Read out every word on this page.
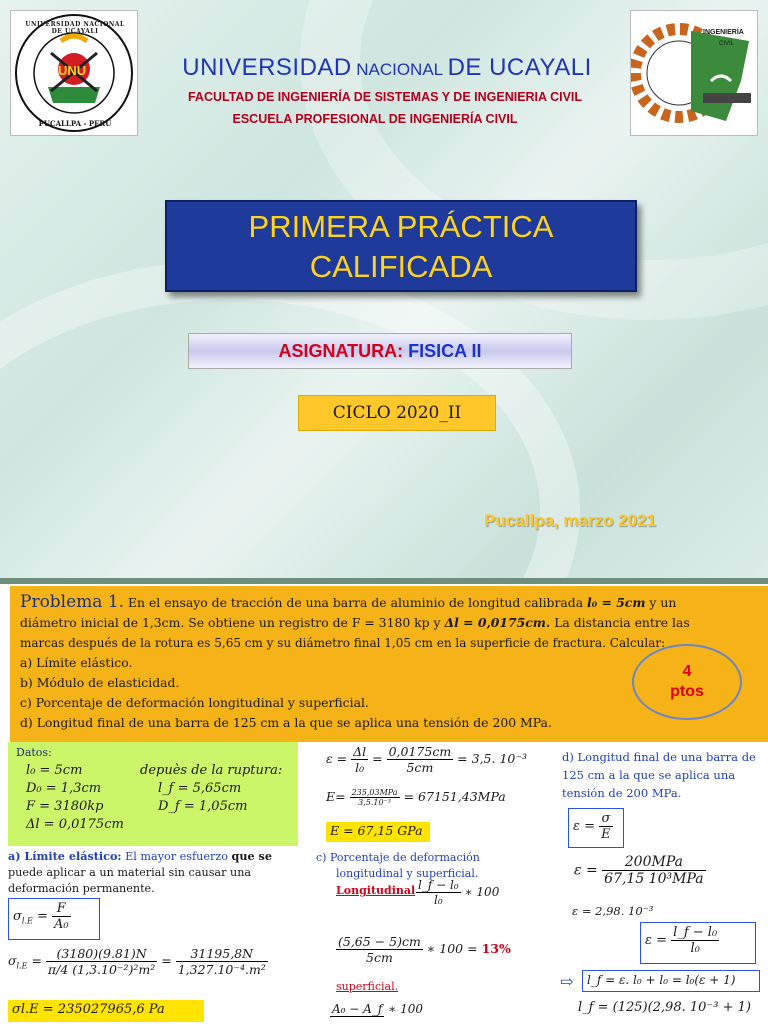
UNU
UNIVERSIDAD NACIONAL DE UCAYALI
PUCALLPA - PERÚ
INGENIERÍA
CIVIL
UNIVERSIDAD NACIONAL DE UCAYALI
FACULTAD DE INGENIERÍA DE SISTEMAS Y DE INGENIERIA CIVIL
ESCUELA PROFESIONAL DE INGENIERÍA CIVIL
PRIMERA PRÁCTICA
CALIFICADA
ASIGNATURA: FISICA II
CICLO 2020_II
Pucallpa, marzo 2021
Problema 1. En el ensayo de tracción de una barra de aluminio de longitud calibrada l₀ = 5cm y un
diámetro inicial de 1,3cm. Se obtiene un registro de F = 3180 kp y Δl = 0,0175cm. La distancia entre las
marcas después de la rotura es 5,65 cm y su diámetro final 1,05 cm en la superficie de fractura. Calcular:
a) Límite elástico.
b) Módulo de elasticidad.
c) Porcentaje de deformación longitudinal y superficial.
d) Longitud final de una barra de 125 cm a la que se aplica una tensión de 200 MPa.
4
ptos
Datos:
l₀ = 5cm
D₀ = 1,3cm
F = 3180kp
Δl = 0,0175cm
depuès de la ruptura:
l_f = 5,65cm
D_f = 1,05cm
a) Límite elástico: El mayor esfuerzo que se
puede aplicar a un material sin causar una
deformación permanente.
$\sigma_{l.E} = \frac{F}{\text{A₀}}$
$\sigma_{l.E} = \frac{(3180)(9.81)N}{\text{π/4 (1,3.10⁻²)²m²}} = \frac{31195,8N}{\text{1,327.10⁻⁴.m²}}$
σl.E = 235027965,6 Pa
$\varepsilon = \frac{\Delta l}{\text{l₀}} = \frac{0,0175cm}{5cm} = 3,5$. 10⁻³
$E= \frac{\text{235,03MPa}}{\text{3,5.10⁻³}} = 67151,43MPa$
E = 67,15 GPa
c) Porcentaje de deformación
longitudinal y superficial.
Longitudinal $\frac{\text{l\_f − l₀}}{\text{l₀}}$ ∗ 100
$\frac{(5,65 - 5)cm}{5cm}$ ∗ 100 = 13%
superficial.
A₀ − A_f ∗ 100
d) Longitud final de una barra de 125 cm a la que se aplica una tensión de 200 MPa.
$\varepsilon = \frac{\sigma}{E}$
$\varepsilon = \frac{\text{200MPa}}{\text{67,15 10³MPa}}$
ε = 2,98. 10⁻³
$\varepsilon = \frac{\text{l\_f − l₀}}{\text{l₀}}$
⇨	l_f = ε. l₀ + l₀ = l₀(ε + 1)
l_f = (125)(2,98. 10⁻³ + 1)
